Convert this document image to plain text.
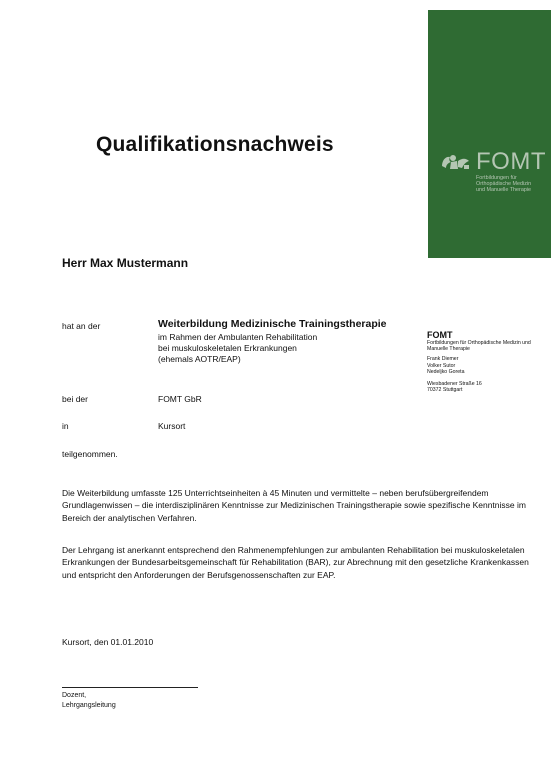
FOMT
Fortbildungen für
Orthopädische Medizin
und Manuelle Therapie
Qualifikationsnachweis
Herr Max Mustermann
hat an der	Weiterbildung Medizinische Trainingstherapie
im Rahmen der Ambulanten Rehabilitation
bei muskuloskeletalen Erkrankungen
(ehemals AOTR/EAP)
bei der	FOMT GbR
in	Kursort
teilgenommen.
FOMT
Fortbildungen für Orthopädische Medizin und Manuelle Therapie
Frank Diemer
Volker Sutor
Nedeljko Goreta
Wiesbadener Straße 16
70372 Stuttgart
Die Weiterbildung umfasste 125 Unterrichtseinheiten à 45 Minuten und vermittelte – neben berufsübergreifendem Grundlagenwissen – die interdisziplinären Kenntnisse zur Medizinischen Trainingstherapie sowie spezifische Kenntnisse im Bereich der analytischen Verfahren.
Der Lehrgang ist anerkannt entsprechend den Rahmenempfehlungen zur ambulanten Rehabilitation bei muskuloskeletalen Erkrankungen der Bundesarbeitsgemeinschaft für Rehabilitation (BAR), zur Abrechnung mit den gesetzliche Krankenkassen und entspricht den Anforderungen der Berufsgenossenschaften zur EAP.
Kursort, den 01.01.2010
Dozent,
Lehrgangsleitung
